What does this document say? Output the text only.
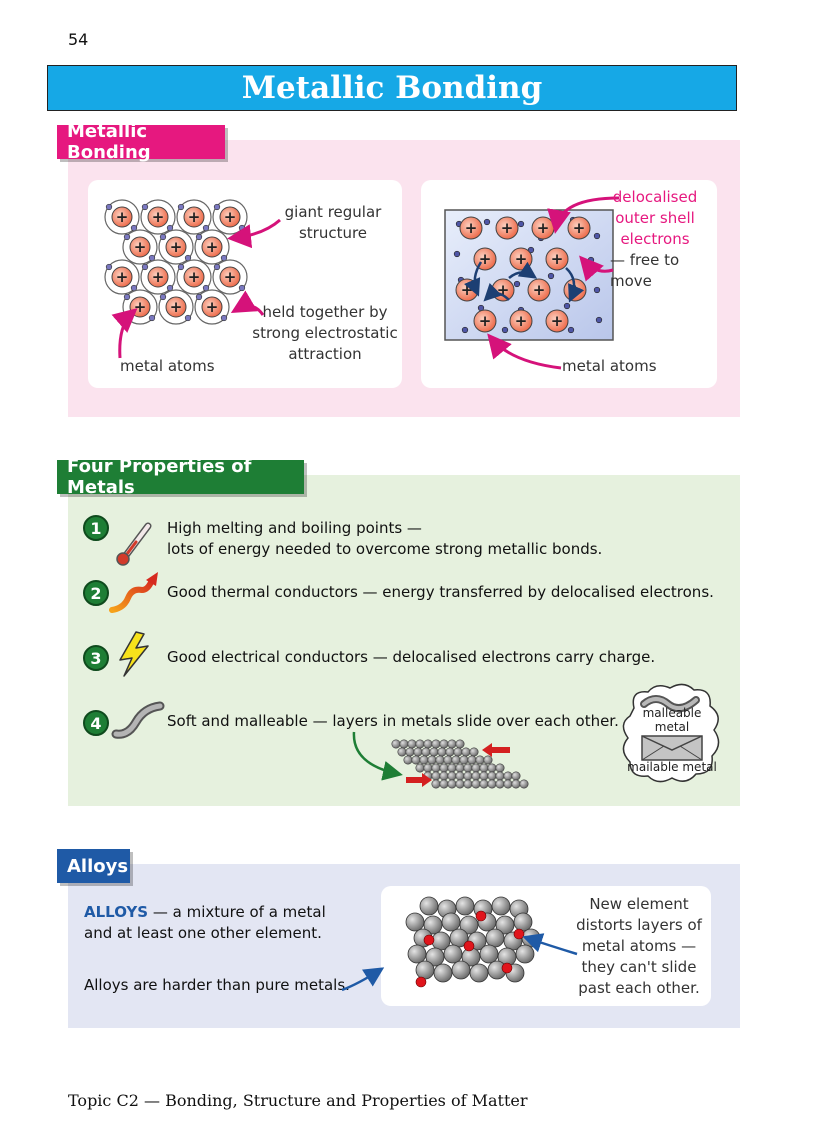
54
Metallic Bonding
Metallic Bonding
+ + + +
+ + +
+ + + +
+ + +
giant regular structure
held together by strong electrostatic attraction
metal atoms
+ + + +
+ + +
+ + + +
+ + +
delocalised outer shell electrons
— free to move
metal atoms
Four Properties of Metals
1
2
3
4
High melting and boiling points —
lots of energy needed to overcome strong metallic bonds.
Good thermal conductors — energy transferred by delocalised electrons.
Good electrical conductors — delocalised electrons carry charge.
Soft and malleable — layers in metals slide over each other.	malleable metal
mailable metal
Alloys
ALLOYS — a mixture of a metal and at least one other element.
Alloys are harder than pure metals.
New element distorts layers of metal atoms — they can't slide past each other.
Topic C2 — Bonding, Structure and Properties of Matter
